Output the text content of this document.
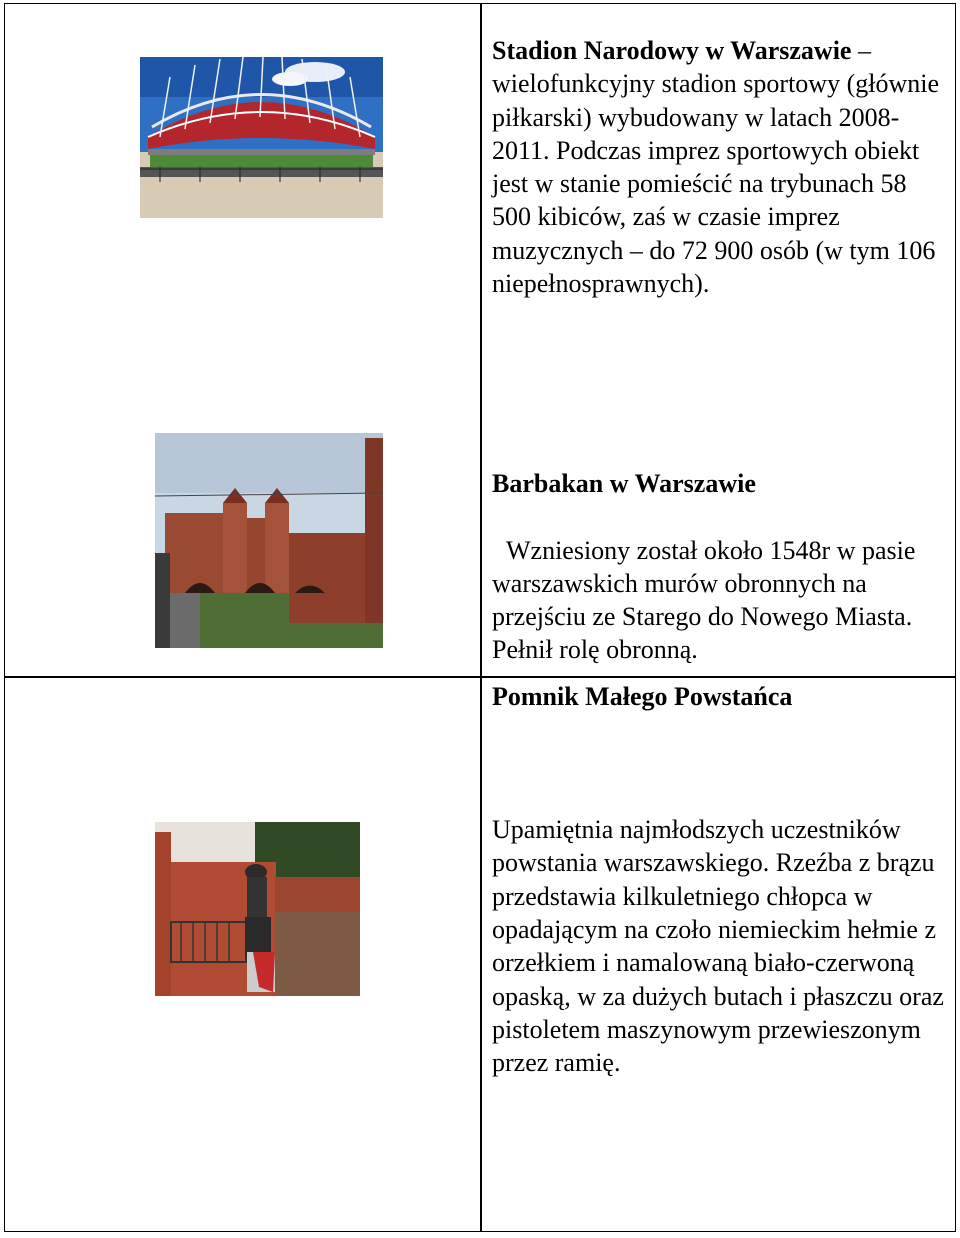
Stadion Narodowy w Warszawie – wielofunkcyjny stadion sportowy (głównie piłkarski) wybudowany w latach 2008-2011. Podczas imprez sportowych obiekt jest w stanie pomieścić na trybunach 58 500 kibiców, zaś w czasie imprez muzycznych – do 72 900 osób (w tym 106 niepełnosprawnych).
Barbakan w Warszawie

Wzniesiony został około 1548r w pasie warszawskich murów obronnych na przejściu ze Starego do Nowego Miasta. Pełnił rolę obronną.
Pomnik Małego Powstańca

Upamiętnia najmłodszych uczestników powstania warszawskiego. Rzeźba z brązu przedstawia kilkuletniego chłopca w opadającym na czoło niemieckim hełmie z orzełkiem i namalowaną biało-czerwoną opaską, w za dużych butach i płaszczu oraz pistoletem maszynowym przewieszonym przez ramię.
